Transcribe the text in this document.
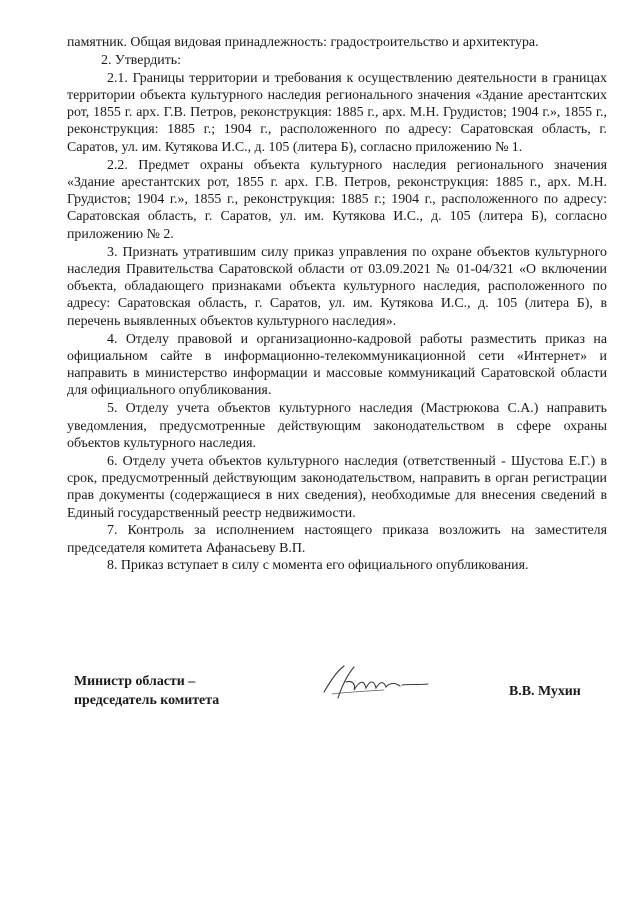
памятник. Общая видовая принадлежность: градостроительство и архитектура.

2. Утвердить:

2.1. Границы территории и требования к осуществлению деятельности в границах территории объекта культурного наследия регионального значения «Здание арестантских рот, 1855 г. арх. Г.В. Петров, реконструкция: 1885 г., арх. М.Н. Грудистов; 1904 г.», 1855 г., реконструкция: 1885 г.; 1904 г., расположенного по адресу: Саратовская область, г. Саратов, ул. им. Кутякова И.С., д. 105 (литера Б), согласно приложению № 1.

2.2. Предмет охраны объекта культурного наследия регионального значения «Здание арестантских рот, 1855 г. арх. Г.В. Петров, реконструкция: 1885 г., арх. М.Н. Грудистов; 1904 г.», 1855 г., реконструкция: 1885 г.; 1904 г., расположенного по адресу: Саратовская область, г. Саратов, ул. им. Кутякова И.С., д. 105 (литера Б), согласно приложению № 2.

3. Признать утратившим силу приказ управления по охране объектов культурного наследия Правительства Саратовской области от 03.09.2021 № 01-04/321 «О включении объекта, обладающего признаками объекта культурного наследия, расположенного по адресу: Саратовская область, г. Саратов, ул. им. Кутякова И.С., д. 105 (литера Б), в перечень выявленных объектов культурного наследия».

4. Отделу правовой и организационно-кадровой работы разместить приказ на официальном сайте в информационно-телекоммуникационной сети «Интернет» и направить в министерство информации и массовые коммуникаций Саратовской области для официального опубликования.

5. Отделу учета объектов культурного наследия (Мастрюкова С.А.) направить уведомления, предусмотренные действующим законодательством в сфере охраны объектов культурного наследия.

6. Отделу учета объектов культурного наследия (ответственный - Шустова Е.Г.) в срок, предусмотренный действующим законодательством, направить в орган регистрации прав документы (содержащиеся в них сведения), необходимые для внесения сведений в Единый государственный реестр недвижимости.

7. Контроль за исполнением настоящего приказа возложить на заместителя председателя комитета Афанасьеву В.П.

8. Приказ вступает в силу с момента его официального опубликования.

Министр области –
председатель комитета
В.В. Мухин
